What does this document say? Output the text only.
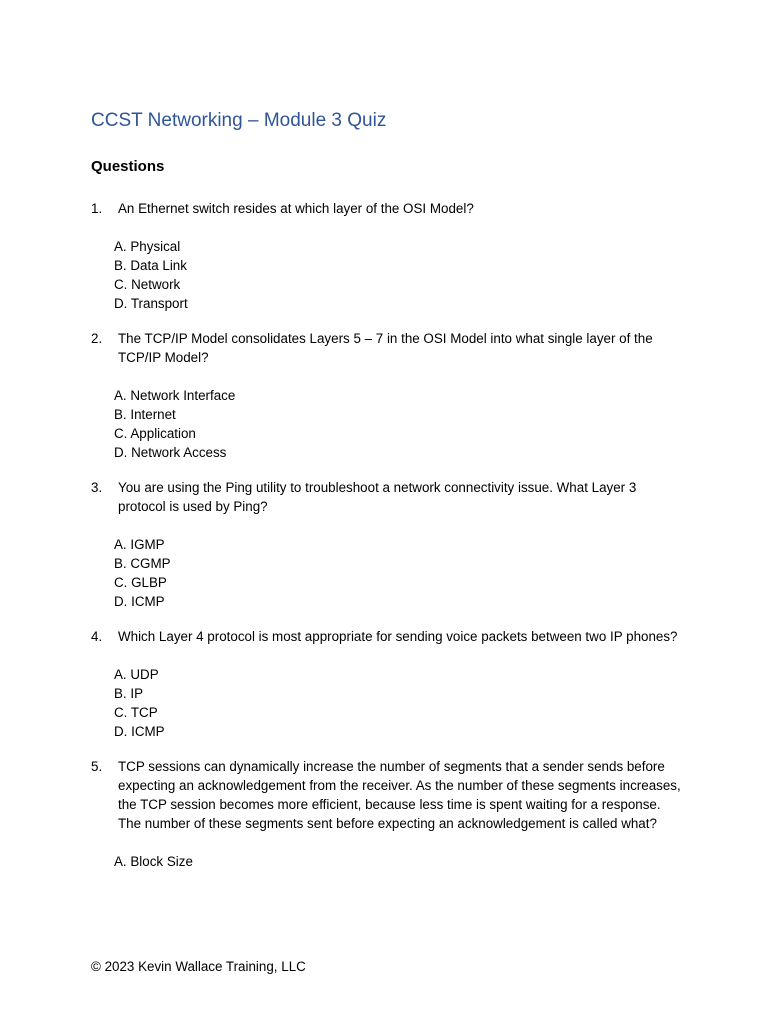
CCST Networking – Module 3 Quiz
Questions
1.	An Ethernet switch resides at which layer of the OSI Model?
A. Physical
B. Data Link
C. Network
D. Transport
2.	The TCP/IP Model consolidates Layers 5 – 7 in the OSI Model into what single layer of the TCP/IP Model?
A. Network Interface
B. Internet
C. Application
D. Network Access
3.	You are using the Ping utility to troubleshoot a network connectivity issue. What Layer 3 protocol is used by Ping?
A. IGMP
B. CGMP
C. GLBP
D. ICMP
4.	Which Layer 4 protocol is most appropriate for sending voice packets between two IP phones?
A. UDP
B. IP
C. TCP
D. ICMP
5.	TCP sessions can dynamically increase the number of segments that a sender sends before expecting an acknowledgement from the receiver. As the number of these segments increases, the TCP session becomes more efficient, because less time is spent waiting for a response. The number of these segments sent before expecting an acknowledgement is called what?
A. Block Size
© 2023 Kevin Wallace Training, LLC
